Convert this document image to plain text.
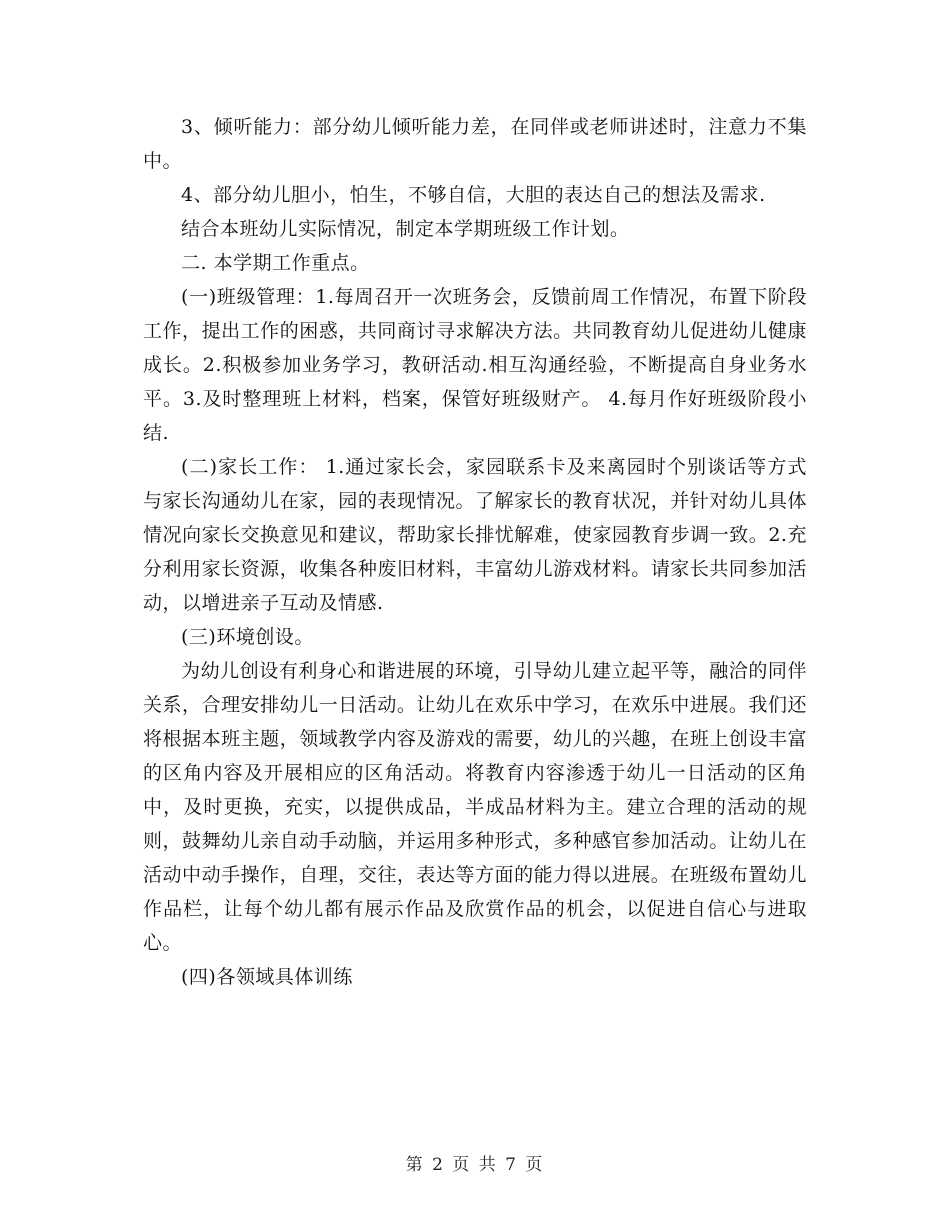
3、倾听能力：部分幼儿倾听能力差，在同伴或老师讲述时，注意力不集中。

4、部分幼儿胆小，怕生，不够自信，大胆的表达自己的想法及需求.

结合本班幼儿实际情况，制定本学期班级工作计划。

二. 本学期工作重点。

(一)班级管理：1.每周召开一次班务会，反馈前周工作情况，布置下阶段工作，提出工作的困惑，共同商讨寻求解决方法。共同教育幼儿促进幼儿健康成长。2.积极参加业务学习，教研活动.相互沟通经验，不断提高自身业务水平。3.及时整理班上材料，档案，保管好班级财产。 4.每月作好班级阶段小结.

(二)家长工作： 1.通过家长会，家园联系卡及来离园时个别谈话等方式与家长沟通幼儿在家，园的表现情况。了解家长的教育状况，并针对幼儿具体情况向家长交换意见和建议，帮助家长排忧解难，使家园教育步调一致。2.充分利用家长资源，收集各种废旧材料，丰富幼儿游戏材料。请家长共同参加活动，以增进亲子互动及情感.

(三)环境创设。

为幼儿创设有利身心和谐进展的环境，引导幼儿建立起平等，融洽的同伴关系，合理安排幼儿一日活动。让幼儿在欢乐中学习，在欢乐中进展。我们还将根据本班主题，领域教学内容及游戏的需要，幼儿的兴趣，在班上创设丰富的区角内容及开展相应的区角活动。将教育内容渗透于幼儿一日活动的区角中，及时更换，充实，以提供成品，半成品材料为主。建立合理的活动的规则，鼓舞幼儿亲自动手动脑，并运用多种形式，多种感官参加活动。让幼儿在活动中动手操作，自理，交往，表达等方面的能力得以进展。在班级布置幼儿作品栏，让每个幼儿都有展示作品及欣赏作品的机会，以促进自信心与进取心。

(四)各领域具体训练

第 2 页 共 7 页
